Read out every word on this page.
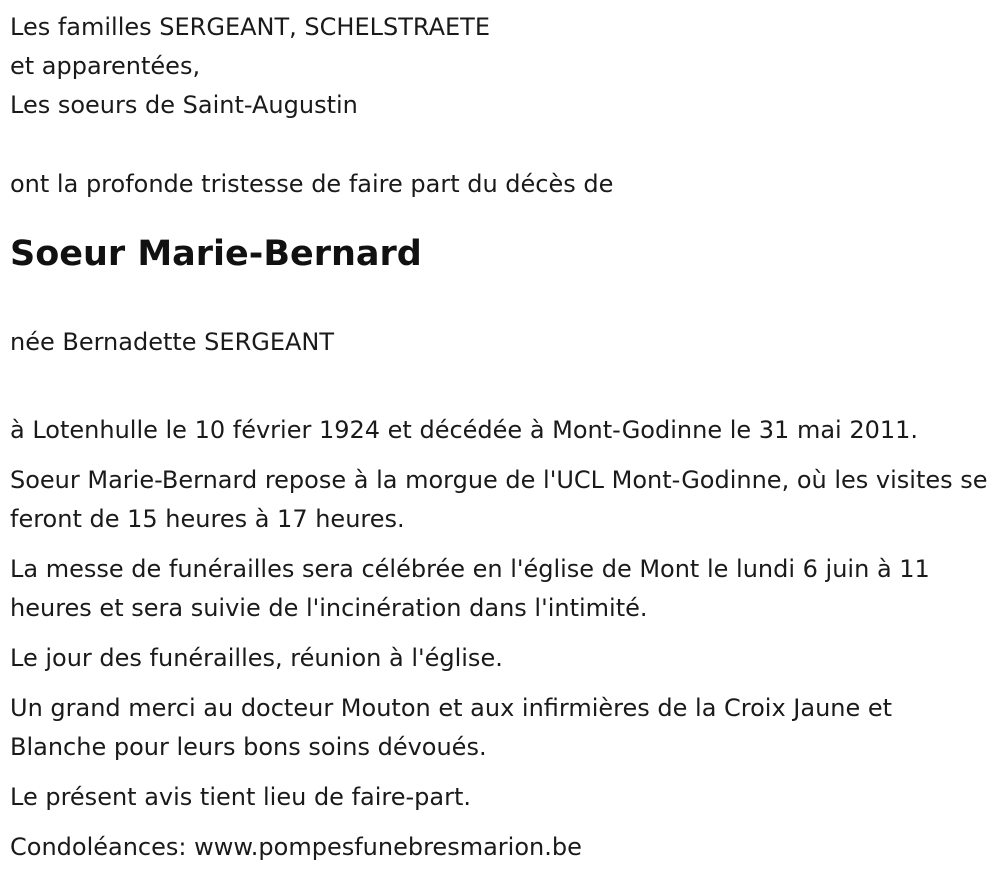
Les familles SERGEANT, SCHELSTRAETE

et apparentées,

Les soeurs de Saint-Augustin

ont la profonde tristesse de faire part du décès de

Soeur Marie-Bernard

née Bernadette SERGEANT

à Lotenhulle le 10 février 1924 et décédée à Mont-Godinne le 31 mai 2011.

Soeur Marie-Bernard repose à la morgue de l'UCL Mont-Godinne, où les visites se feront de 15 heures à 17 heures.

La messe de funérailles sera célébrée en l'église de Mont le lundi 6 juin à 11 heures et sera suivie de l'incinération dans l'intimité.

Le jour des funérailles, réunion à l'église.

Un grand merci au docteur Mouton et aux infirmières de la Croix Jaune et Blanche pour leurs bons soins dévoués.

Le présent avis tient lieu de faire-part.

Condoléances: www.pompesfunebresmarion.be
